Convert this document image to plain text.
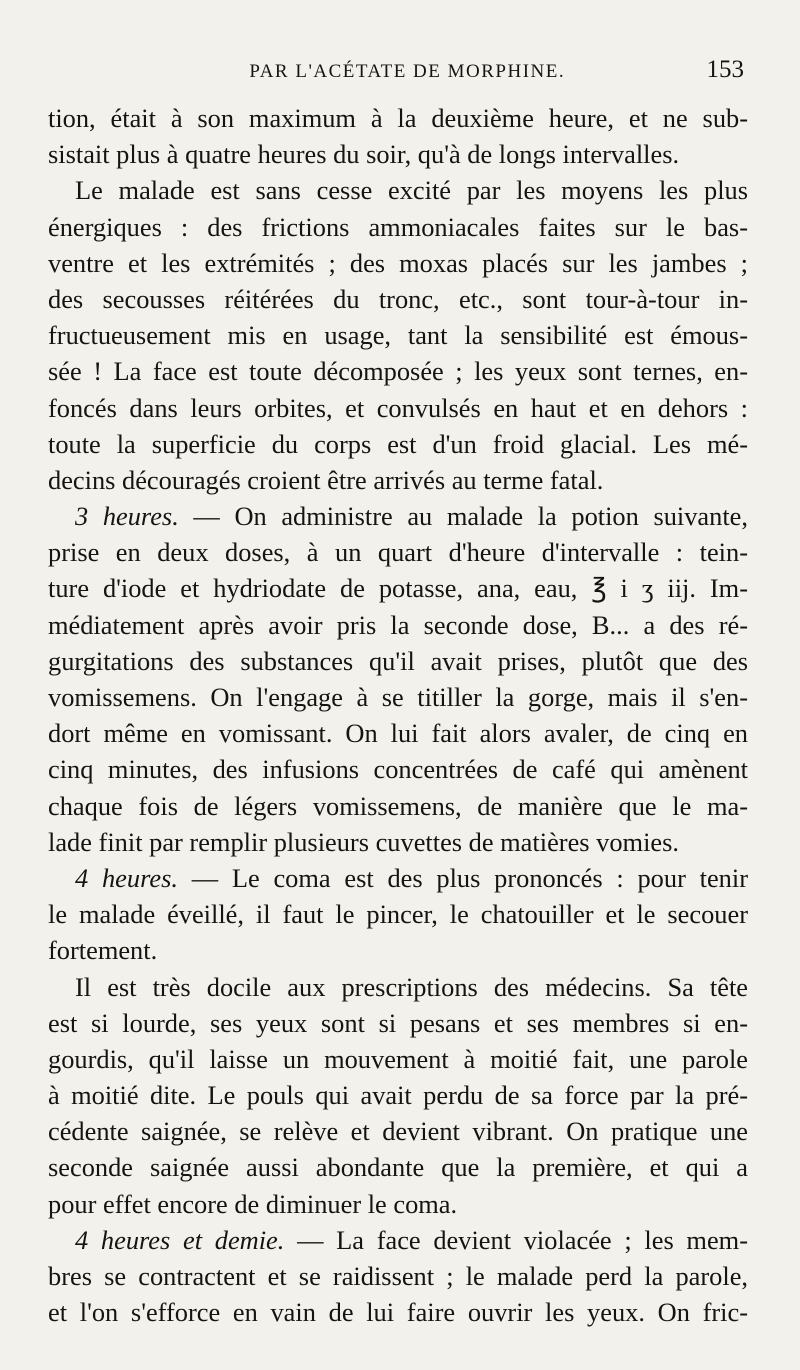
PAR L'ACÉTATE DE MORPHINE.	153
tion, était à son maximum à la deuxième heure, et ne sub-
sistait plus à quatre heures du soir, qu'à de longs intervalles.
Le malade est sans cesse excité par les moyens les plus
énergiques : des frictions ammoniacales faites sur le bas-
ventre et les extrémités ; des moxas placés sur les jambes ;
des secousses réitérées du tronc, etc., sont tour-à-tour in-
fructueusement mis en usage, tant la sensibilité est émous-
sée ! La face est toute décomposée ; les yeux sont ternes, en-
foncés dans leurs orbites, et convulsés en haut et en dehors :
toute la superficie du corps est d'un froid glacial. Les mé-
decins découragés croient être arrivés au terme fatal.
3 heures. — On administre au malade la potion suivante,
prise en deux doses, à un quart d'heure d'intervalle : tein-
ture d'iode et hydriodate de potasse, ana, eau, ℥ i ʒ iij. Im-
médiatement après avoir pris la seconde dose, B... a des ré-
gurgitations des substances qu'il avait prises, plutôt que des
vomissemens. On l'engage à se titiller la gorge, mais il s'en-
dort même en vomissant. On lui fait alors avaler, de cinq en
cinq minutes, des infusions concentrées de café qui amènent
chaque fois de légers vomissemens, de manière que le ma-
lade finit par remplir plusieurs cuvettes de matières vomies.
4 heures. — Le coma est des plus prononcés : pour tenir
le malade éveillé, il faut le pincer, le chatouiller et le secouer
fortement.
Il est très docile aux prescriptions des médecins. Sa tête
est si lourde, ses yeux sont si pesans et ses membres si en-
gourdis, qu'il laisse un mouvement à moitié fait, une parole
à moitié dite. Le pouls qui avait perdu de sa force par la pré-
cédente saignée, se relève et devient vibrant. On pratique une
seconde saignée aussi abondante que la première, et qui a
pour effet encore de diminuer le coma.
4 heures et demie. — La face devient violacée ; les mem-
bres se contractent et se raidissent ; le malade perd la parole,
et l'on s'efforce en vain de lui faire ouvrir les yeux. On fric-
